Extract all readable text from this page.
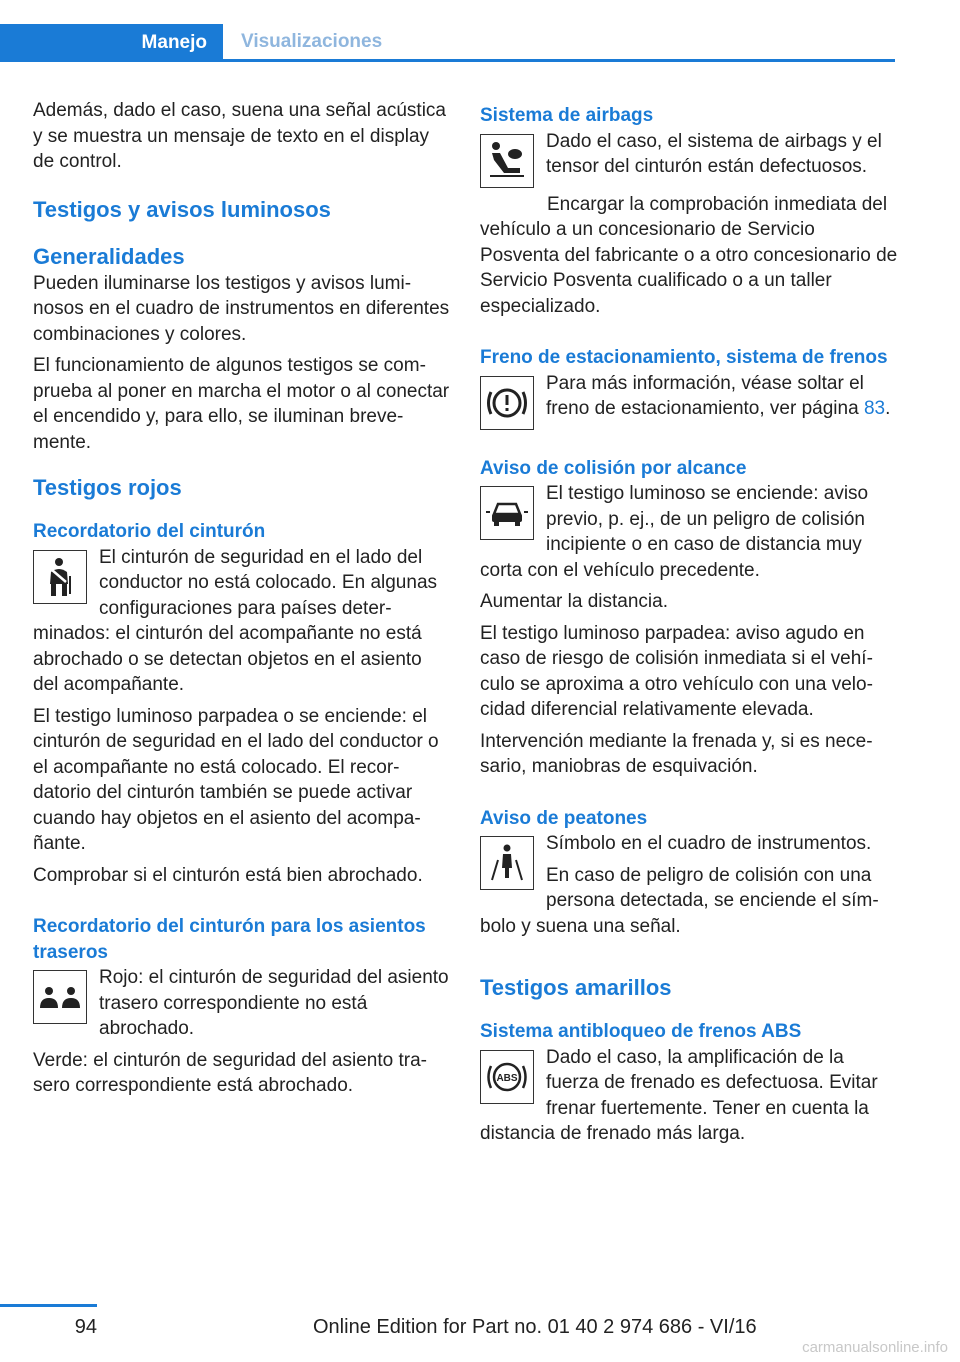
Manejo	Visualizaciones

Además, dado el caso, suena una señal acústica y se muestra un mensaje de texto en el display de control.

Testigos y avisos luminosos
Generalidades

Pueden iluminarse los testigos y avisos luminosos en el cuadro de instrumentos en diferentes combinaciones y colores.

El funcionamiento de algunos testigos se comprueba al poner en marcha el motor o al conectar el encendido y, para ello, se iluminan brevemente.

Testigos rojos
Recordatorio del cinturón

El cinturón de seguridad en el lado del conductor no está colocado. En algunas configuraciones para países determinados: el cinturón del acompañante no está abrochado o se detectan objetos en el asiento del acompañante.

El testigo luminoso parpadea o se enciende: el cinturón de seguridad en el lado del conductor o el acompañante no está colocado. El recordatorio del cinturón también se puede activar cuando hay objetos en el asiento del acompañante.

Comprobar si el cinturón está bien abrochado.

Recordatorio del cinturón para los asientos traseros

Rojo: el cinturón de seguridad del asiento trasero correspondiente no está abrochado.

Verde: el cinturón de seguridad del asiento trasero correspondiente está abrochado.

Sistema de airbags

Dado el caso, el sistema de airbags y el tensor del cinturón están defectuosos.

Encargar la comprobación inmediata del vehículo a un concesionario de Servicio Posventa del fabricante o a otro concesionario de Servicio Posventa cualificado o a un taller especializado.

Freno de estacionamiento, sistema de frenos

Para más información, véase soltar el freno de estacionamiento, ver página 83.

Aviso de colisión por alcance

El testigo luminoso se enciende: aviso previo, p. ej., de un peligro de colisión incipiente o en caso de distancia muy corta con el vehículo precedente.

Aumentar la distancia.

El testigo luminoso parpadea: aviso agudo en caso de riesgo de colisión inmediata si el vehículo se aproxima a otro vehículo con una velocidad diferencial relativamente elevada.

Intervención mediante la frenada y, si es necesario, maniobras de esquivación.

Aviso de peatones

Símbolo en el cuadro de instrumentos.

En caso de peligro de colisión con una persona detectada, se enciende el símbolo y suena una señal.

Testigos amarillos
Sistema antibloqueo de frenos ABS
ABS

Dado el caso, la amplificación de la fuerza de frenado es defectuosa. Evitar frenar fuertemente. Tener en cuenta la distancia de frenado más larga.

94	Online Edition for Part no. 01 40 2 974 686 - VI/16
carmanualsonline.info
